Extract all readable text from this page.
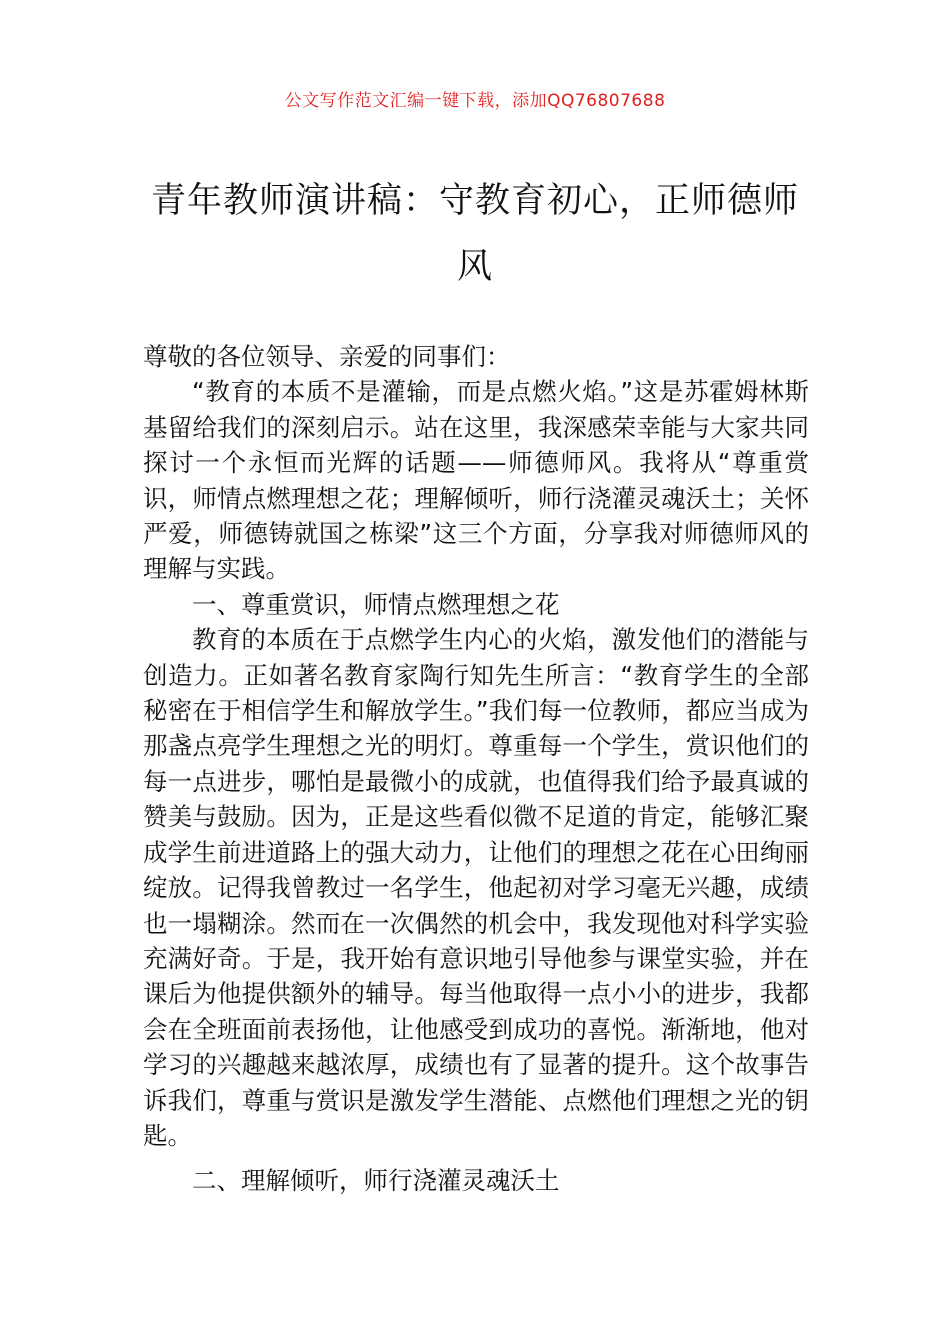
公文写作范文汇编一键下载，添加QQ76807688
青年教师演讲稿：守教育初心，正师德师风

尊敬的各位领导、亲爱的同事们：

“教育的本质不是灌输，而是点燃火焰。”这是苏霍姆林斯基留给我们的深刻启示。站在这里，我深感荣幸能与大家共同探讨一个永恒而光辉的话题——师德师风。我将从“尊重赏识，师情点燃理想之花；理解倾听，师行浇灌灵魂沃土；关怀严爱，师德铸就国之栋梁”这三个方面，分享我对师德师风的理解与实践。

一、尊重赏识，师情点燃理想之花

教育的本质在于点燃学生内心的火焰，激发他们的潜能与创造力。正如著名教育家陶行知先生所言：“教育学生的全部秘密在于相信学生和解放学生。”我们每一位教师，都应当成为那盏点亮学生理想之光的明灯。尊重每一个学生，赏识他们的每一点进步，哪怕是最微小的成就，也值得我们给予最真诚的赞美与鼓励。因为，正是这些看似微不足道的肯定，能够汇聚成学生前进道路上的强大动力，让他们的理想之花在心田绚丽绽放。记得我曾教过一名学生，他起初对学习毫无兴趣，成绩也一塌糊涂。然而在一次偶然的机会中，我发现他对科学实验充满好奇。于是，我开始有意识地引导他参与课堂实验，并在课后为他提供额外的辅导。每当他取得一点小小的进步，我都会在全班面前表扬他，让他感受到成功的喜悦。渐渐地，他对学习的兴趣越来越浓厚，成绩也有了显著的提升。这个故事告诉我们，尊重与赏识是激发学生潜能、点燃他们理想之光的钥匙。

二、理解倾听，师行浇灌灵魂沃土
